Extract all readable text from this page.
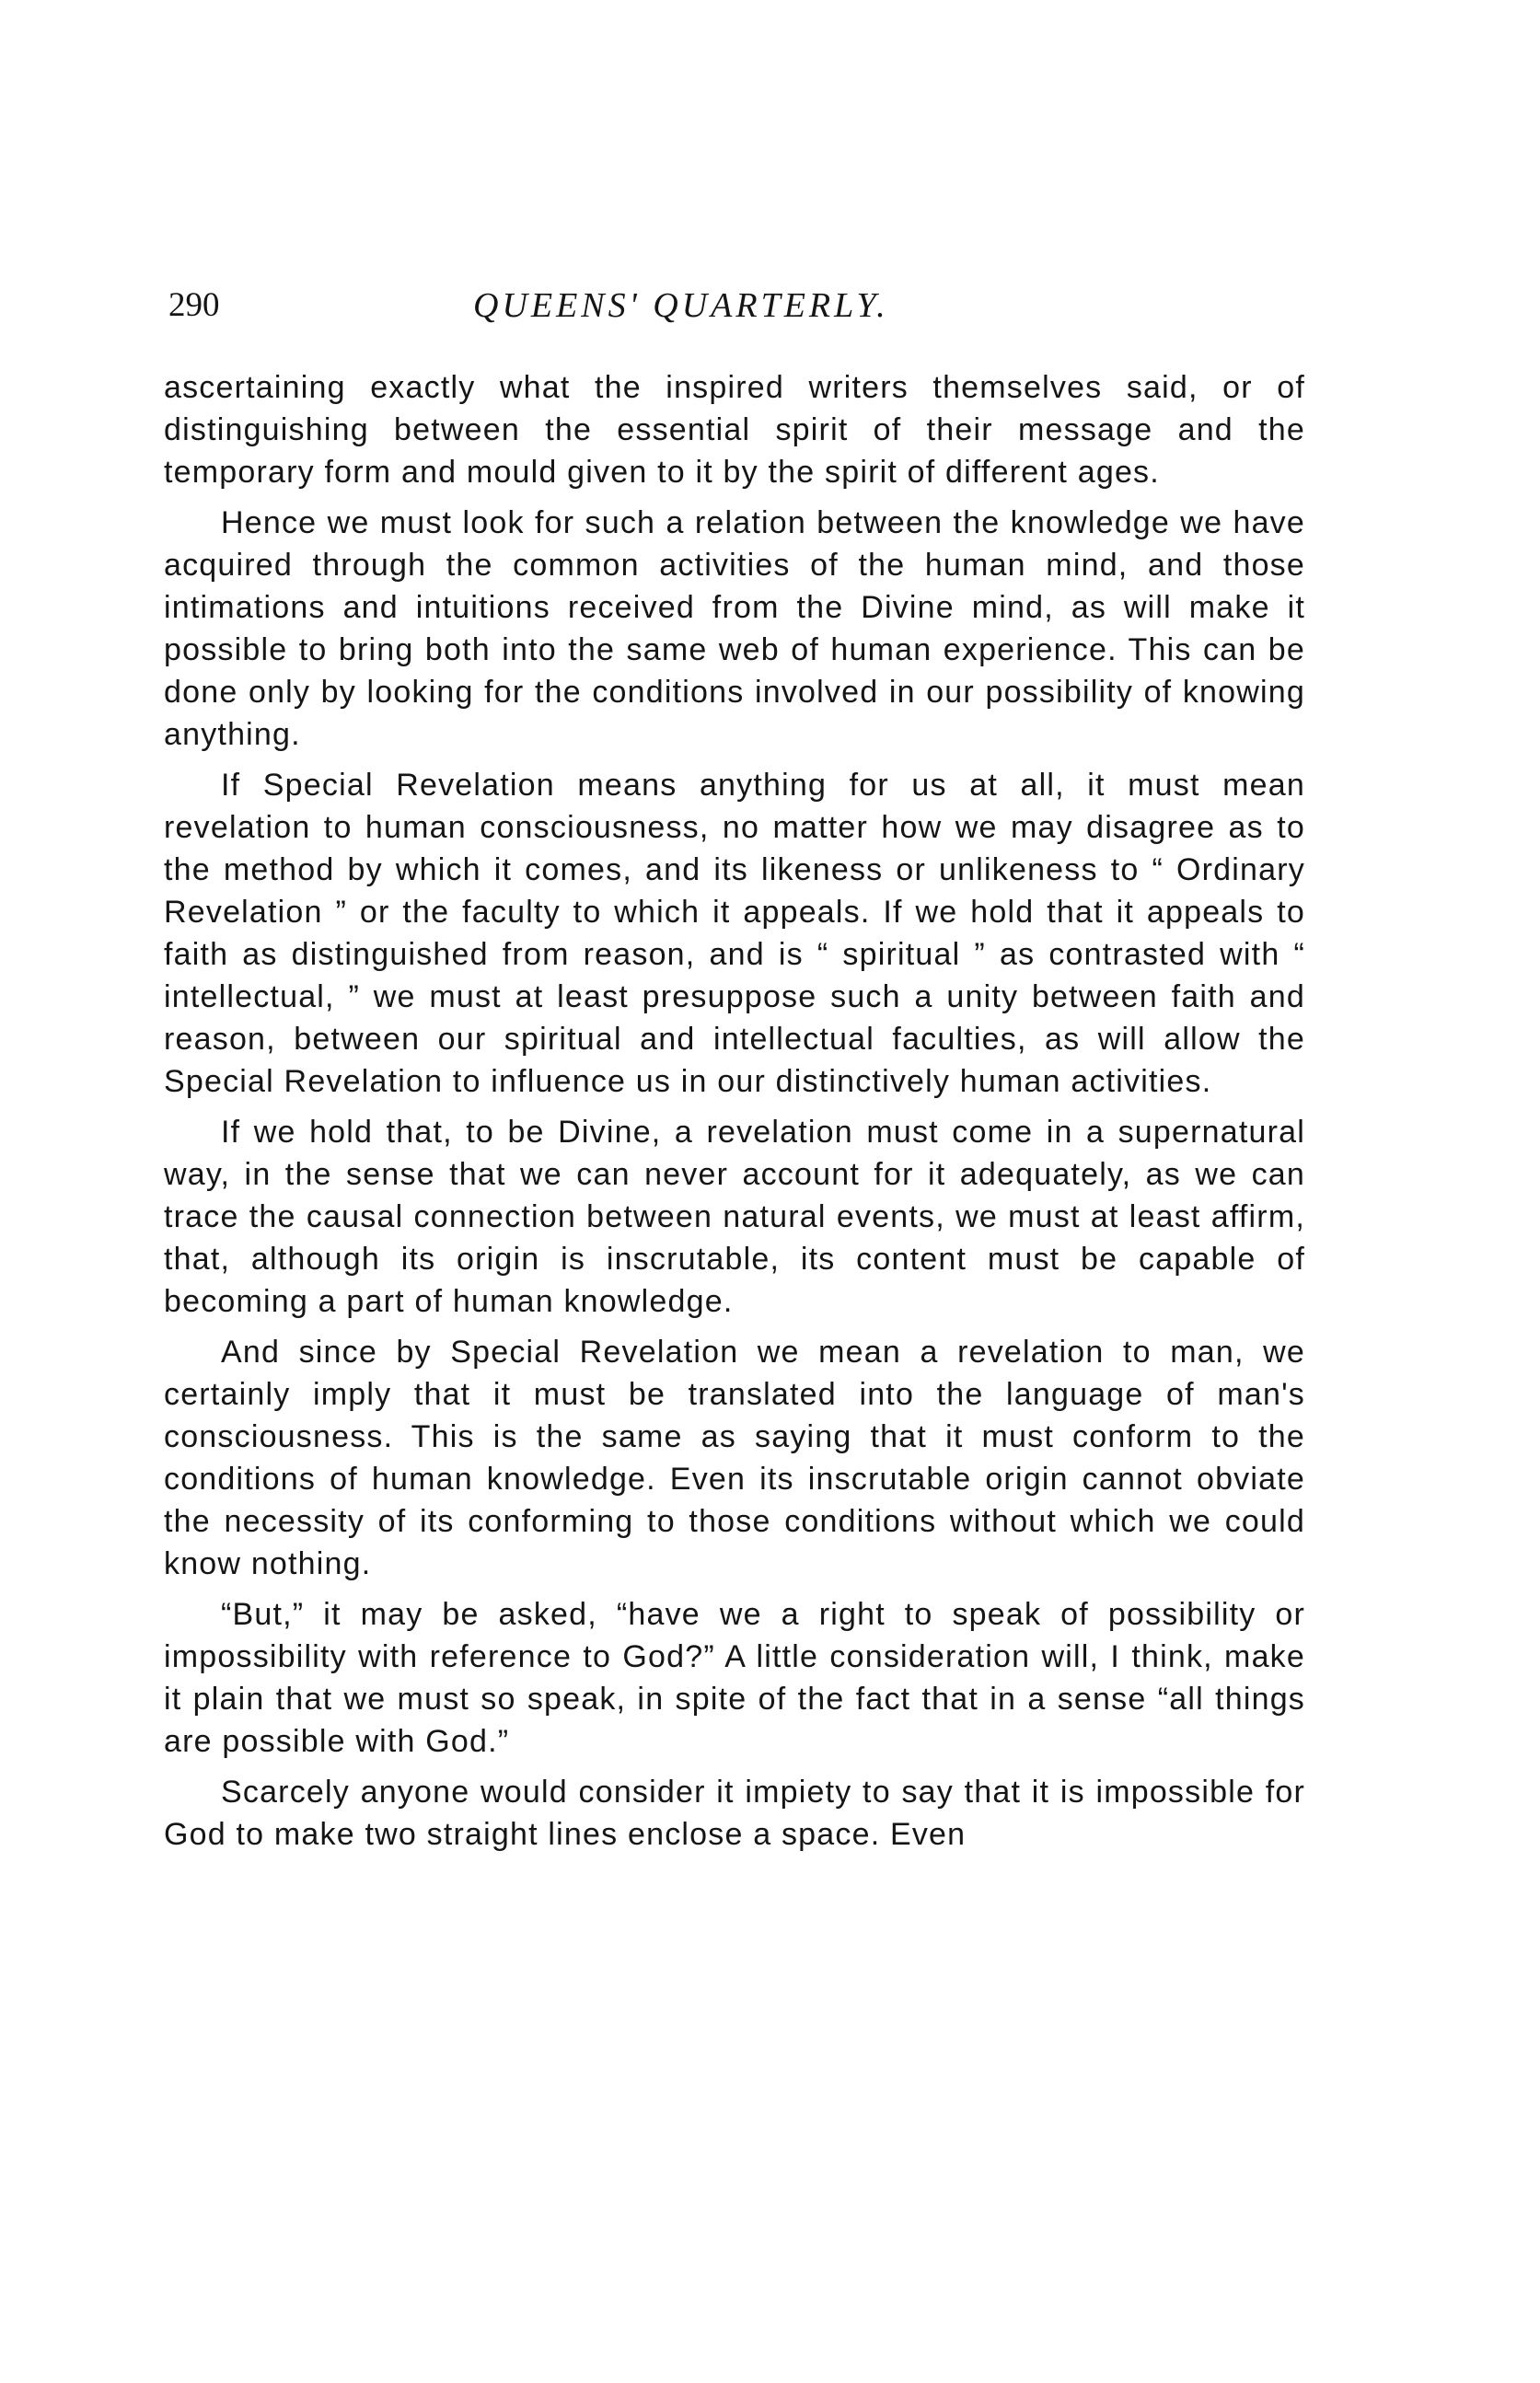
290	QUEENS' QUARTERLY.

ascertaining exactly what the inspired writers themselves said, or of distinguishing between the essential spirit of their message and the temporary form and mould given to it by the spirit of different ages.

Hence we must look for such a relation between the knowledge we have acquired through the common activities of the human mind, and those intimations and intuitions received from the Divine mind, as will make it possible to bring both into the same web of human experience. This can be done only by looking for the conditions involved in our possibility of knowing anything.

If Special Revelation means anything for us at all, it must mean revelation to human consciousness, no matter how we may disagree as to the method by which it comes, and its likeness or unlikeness to “ Ordinary Revelation ” or the faculty to which it appeals. If we hold that it appeals to faith as distinguished from reason, and is “ spiritual ” as contrasted with “ intellectual, ” we must at least presuppose such a unity between faith and reason, between our spiritual and intellectual faculties, as will allow the Special Revelation to influence us in our distinctively human activities.

If we hold that, to be Divine, a revelation must come in a supernatural way, in the sense that we can never account for it adequately, as we can trace the causal connection between natural events, we must at least affirm, that, although its origin is inscrutable, its content must be capable of becoming a part of human knowledge.

And since by Special Revelation we mean a revelation to man, we certainly imply that it must be translated into the language of man's consciousness. This is the same as saying that it must conform to the conditions of human knowledge. Even its inscrutable origin cannot obviate the necessity of its conforming to those conditions without which we could know nothing.

“But,” it may be asked, “have we a right to speak of possibility or impossibility with reference to God?” A little consideration will, I think, make it plain that we must so speak, in spite of the fact that in a sense “all things are possible with God.”

Scarcely anyone would consider it impiety to say that it is impossible for God to make two straight lines enclose a space. Even
